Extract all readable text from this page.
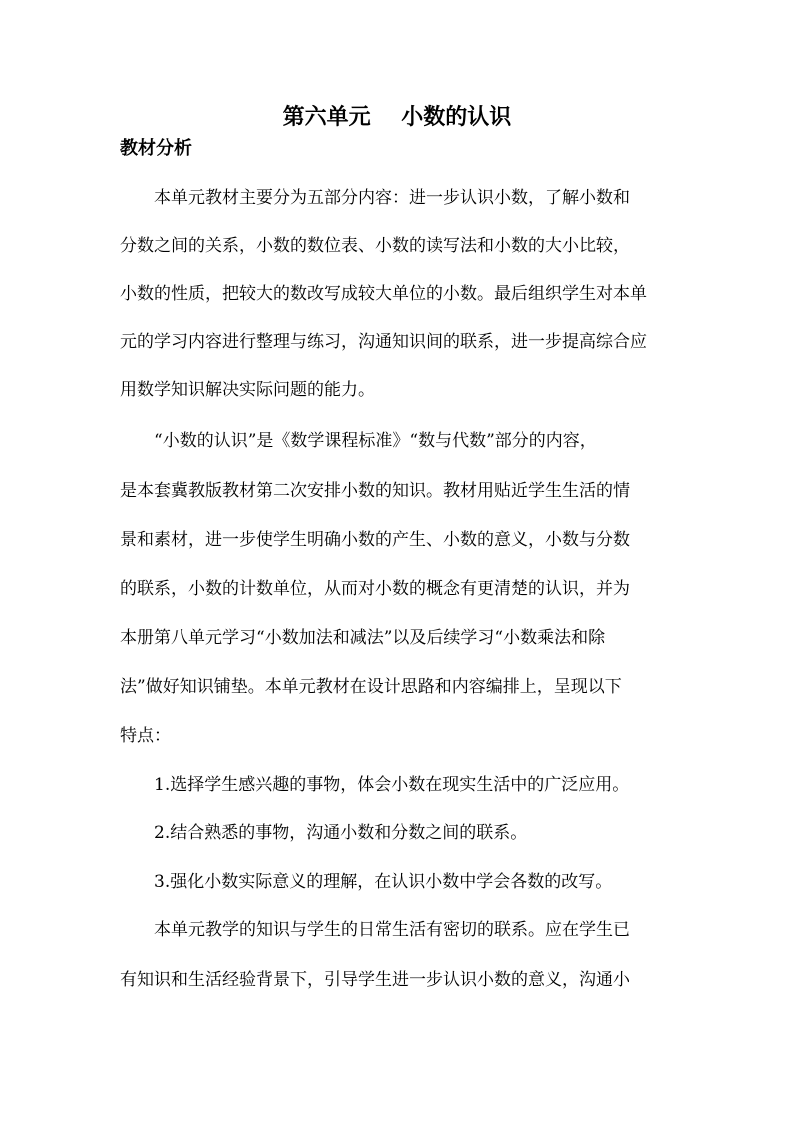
第六单元    小数的认识
教材分析
　　本单元教材主要分为五部分内容：进一步认识小数，了解小数和
分数之间的关系，小数的数位表、小数的读写法和小数的大小比较，
小数的性质，把较大的数改写成较大单位的小数。最后组织学生对本单
元的学习内容进行整理与练习，沟通知识间的联系，进一步提高综合应
用数学知识解决实际问题的能力。
　　“小数的认识”是《数学课程标准》“数与代数”部分的内容，
是本套冀教版教材第二次安排小数的知识。教材用贴近学生生活的情
景和素材，进一步使学生明确小数的产生、小数的意义，小数与分数
的联系，小数的计数单位，从而对小数的概念有更清楚的认识，并为
本册第八单元学习“小数加法和减法”以及后续学习“小数乘法和除
法”做好知识铺垫。本单元教材在设计思路和内容编排上，呈现以下
特点：
　　1.选择学生感兴趣的事物，体会小数在现实生活中的广泛应用。
　　2.结合熟悉的事物，沟通小数和分数之间的联系。
　　3.强化小数实际意义的理解，在认识小数中学会各数的改写。
　　本单元教学的知识与学生的日常生活有密切的联系。应在学生已
有知识和生活经验背景下，引导学生进一步认识小数的意义，沟通小
